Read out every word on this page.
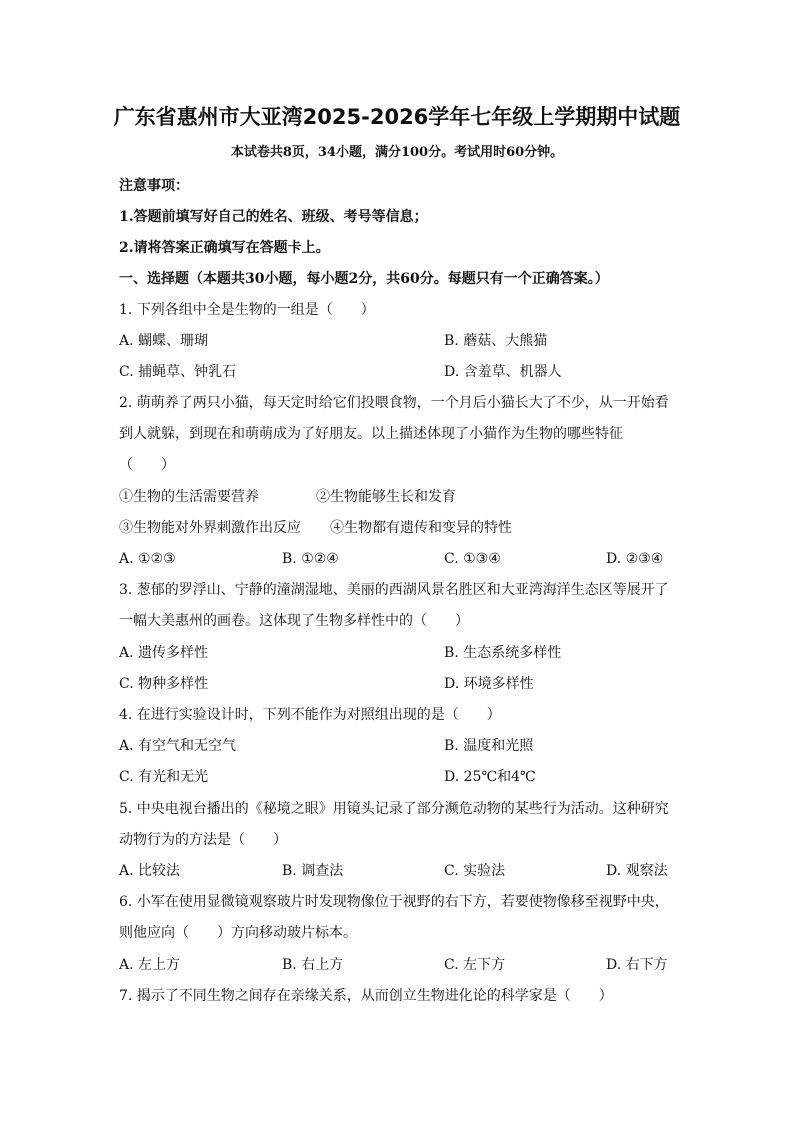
广东省惠州市大亚湾2025-2026学年七年级上学期期中试题
本试卷共8页，34小题，满分100分。考试用时60分钟。
注意事项：
1.答题前填写好自己的姓名、班级、考号等信息；
2.请将答案正确填写在答题卡上。
一、选择题（本题共30小题，每小题2分，共60分。每题只有一个正确答案。）
1. 下列各组中全是生物的一组是（　　）
A. 蝴蝶、珊瑚	B. 蘑菇、大熊猫
C. 捕蝇草、钟乳石	D. 含羞草、机器人
2. 萌萌养了两只小猫，每天定时给它们投喂食物，一个月后小猫长大了不少，从一开始看
到人就躲，到现在和萌萌成为了好朋友。以上描述体现了小猫作为生物的哪些特征
（　　）
①生物的生活需要营养	②生物能够生长和发育
③生物能对外界刺激作出反应 ④生物都有遗传和变异的特性
A. ①②③	B. ①②④	C. ①③④	D. ②③④
3. 葱郁的罗浮山、宁静的潼湖湿地、美丽的西湖风景名胜区和大亚湾海洋生态区等展开了
一幅大美惠州的画卷。这体现了生物多样性中的（　　）
A. 遗传多样性	B. 生态系统多样性
C. 物种多样性	D. 环境多样性
4. 在进行实验设计时，下列不能作为对照组出现的是（　　）
A. 有空气和无空气	B. 温度和光照
C. 有光和无光	D. 25℃和4℃
5. 中央电视台播出的《秘境之眼》用镜头记录了部分濒危动物的某些行为活动。这种研究
动物行为的方法是（　　）
A. 比较法	B. 调查法	C. 实验法	D. 观察法
6. 小军在使用显微镜观察玻片时发现物像位于视野的右下方，若要使物像移至视野中央，
则他应向（　　）方向移动玻片标本。
A. 左上方	B. 右上方	C. 左下方	D. 右下方
7. 揭示了不同生物之间存在亲缘关系，从而创立生物进化论的科学家是（　　）
